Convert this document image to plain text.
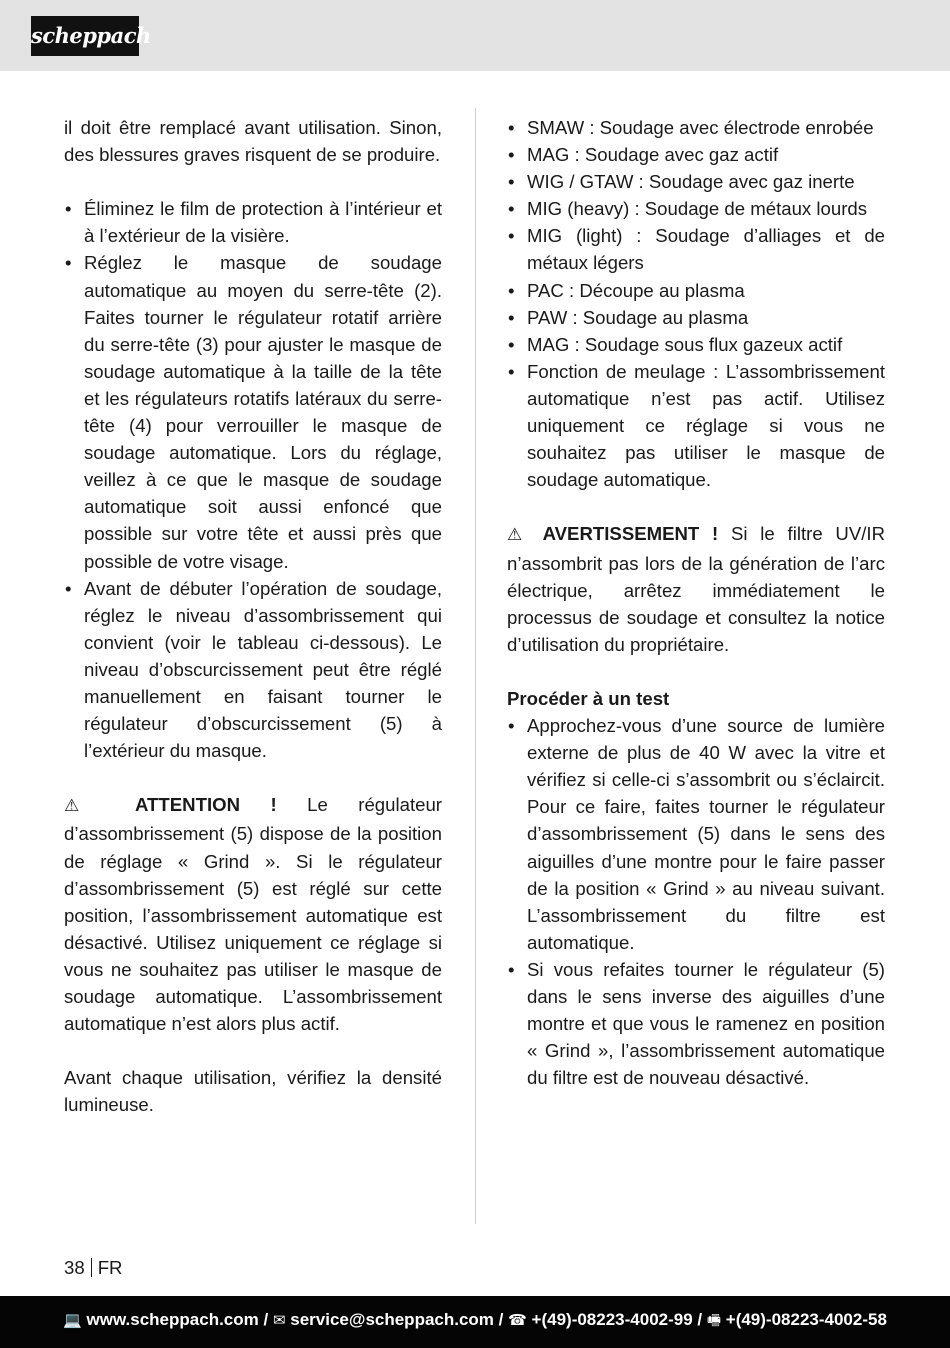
scheppach

il doit être remplacé avant utilisation. Sinon, des blessures graves risquent de se produire.

• Éliminez le film de protection à l’intérieur et à l’extérieur de la visière.
• Réglez le masque de soudage automatique au moyen du serre-tête (2). Faites tourner le régulateur rotatif arrière du serre-tête (3) pour ajuster le masque de soudage automatique à la taille de la tête et les régulateurs rotatifs latéraux du serre-tête (4) pour verrouiller le masque de soudage automatique. Lors du réglage, veillez à ce que le masque de soudage automatique soit aussi enfoncé que possible sur votre tête et aussi près que possible de votre visage.
• Avant de débuter l’opération de soudage, réglez le niveau d’assombrissement qui convient (voir le tableau ci-dessous). Le niveau d’obscurcissement peut être réglé manuellement en faisant tourner le régulateur d’obscurcissement (5) à l’extérieur du masque.

⚠ ATTENTION ! Le régulateur d’assombrissement (5) dispose de la position de réglage « Grind ». Si le régulateur d’assombrissement (5) est réglé sur cette position, l’assombrissement automatique est désactivé. Utilisez uniquement ce réglage si vous ne souhaitez pas utiliser le masque de soudage automatique. L’assombrissement automatique n’est alors plus actif.

Avant chaque utilisation, vérifiez la densité lumineuse.

• SMAW : Soudage avec électrode enrobée
• MAG : Soudage avec gaz actif
• WIG / GTAW : Soudage avec gaz inerte
• MIG (heavy) : Soudage de métaux lourds
• MIG (light) : Soudage d’alliages et de métaux légers
• PAC : Découpe au plasma
• PAW : Soudage au plasma
• MAG : Soudage sous flux gazeux actif
• Fonction de meulage : L’assombrissement automatique n’est pas actif. Utilisez uniquement ce réglage si vous ne souhaitez pas utiliser le masque de soudage automatique.

⚠ AVERTISSEMENT ! Si le filtre UV/IR n’assombrit pas lors de la génération de l’arc électrique, arrêtez immédiatement le processus de soudage et consultez la notice d’utilisation du propriétaire.

Procéder à un test

• Approchez-vous d’une source de lumière externe de plus de 40 W avec la vitre et vérifiez si celle-ci s’assombrit ou s’éclaircit. Pour ce faire, faites tourner le régulateur d’assombrissement (5) dans le sens des aiguilles d’une montre pour le faire passer de la position « Grind » au niveau suivant. L’assombrissement du filtre est automatique.
• Si vous refaites tourner le régulateur (5) dans le sens inverse des aiguilles d’une montre et que vous le ramenez en position « Grind », l’assombrissement automatique du filtre est de nouveau désactivé.
38 FR
💻 www.scheppach.com / ✉ service@scheppach.com / ☎ +(49)-08223-4002-99 / 🖷 +(49)-08223-4002-58
